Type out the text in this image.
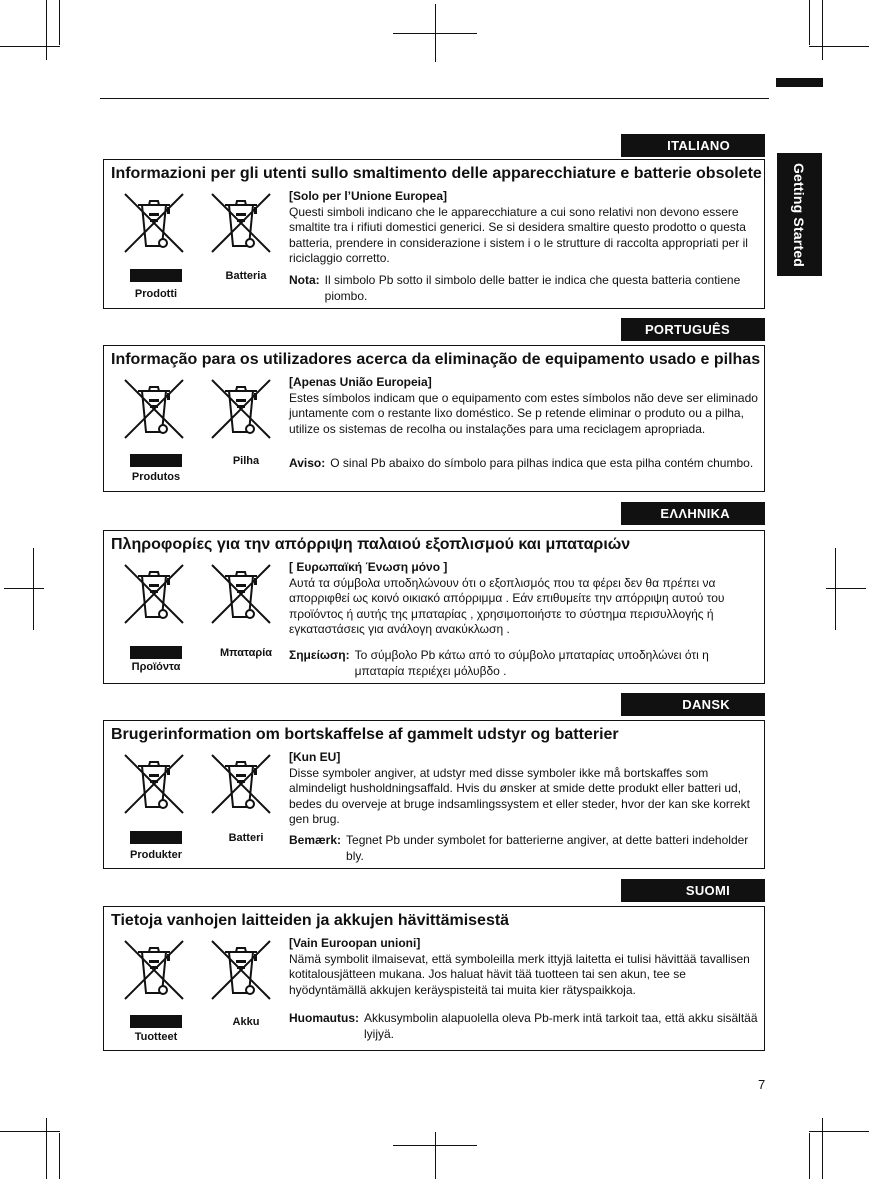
Getting Started
ITALIANO
Informazioni per gli utenti sullo smaltimento delle apparecchiature e batterie obsolete
Prodotti
Batteria
[Solo per l’Unione Europea]
Questi simboli indicano che le apparecchiature a cui sono relativi non devono essere smaltite tra i rifiuti domestici generici. Se si desidera smaltire questo prodotto o questa batteria, prendere in considerazione i sistem i o le strutture di raccolta appropriati per il riciclaggio corretto.
Nota: Il simbolo Pb sotto il simbolo delle batter ie indica che questa batteria contiene piombo.
PORTUGUÊS
Informação para os utilizadores acerca da eliminação de equipamento usado e pilhas
Produtos
Pilha
[Apenas União Europeia]
Estes símbolos indicam que o equipamento com estes símbolos não deve ser eliminado juntamente com o restante lixo doméstico. Se p retende eliminar o produto ou a pilha, utilize os sistemas de recolha ou instalações para uma reciclagem apropriada.
Aviso: O sinal Pb abaixo do símbolo para pilhas indica que esta pilha contém chumbo.
ΕΛΛΗΝΙΚΑ
Πληροφορίες για την απόρριψη παλαιού εξοπλισμού και μπαταριών
Προϊόντα
Μπαταρία
[ Ευρωπαϊκή Ένωση μόνο ]
Αυτά τα σύμβολα υποδηλώνουν ότι ο εξοπλισμός που τα φέρει δεν θα πρέπει να απορριφθεί ως κοινό οικιακό απόρριμμα . Εάν επιθυμείτε την απόρριψη αυτού του προϊόντος ή αυτής της μπαταρίας , χρησιμοποιήστε το σύστημα περισυλλογής ή εγκαταστάσεις για ανάλογη ανακύκλωση .
Σημείωση: Το σύμβολο Pb κάτω από το σύμβολο μπαταρίας υποδηλώνει ότι η μπαταρία περιέχει μόλυβδο .
DANSK
Brugerinformation om bortskaffelse af gammelt udstyr og batterier
Produkter
Batteri
[Kun EU]
Disse symboler angiver, at udstyr med disse symboler ikke må bortskaffes som almindeligt husholdningsaffald. Hvis du ønsker at smide dette produkt eller batteri ud, bedes du overveje at bruge indsamlingssystem et eller steder, hvor der kan ske korrekt gen brug.
Bemærk: Tegnet Pb under symbolet for batterierne angiver, at dette batteri indeholder bly.
SUOMI
Tietoja vanhojen laitteiden ja akkujen hävittämisestä
Tuotteet
Akku
[Vain Euroopan unioni]
Nämä symbolit ilmaisevat, että symboleilla merk ittyjä laitetta ei tulisi hävittää tavallisen kotitalousjätteen mukana. Jos haluat hävit tää tuotteen tai sen akun, tee se hyödyntämällä akkujen keräyspisteitä tai muita kier rätyspaikkoja.
Huomautus: Akkusymbolin alapuolella oleva Pb-merk intä tarkoit taa, että akku sisältää lyijyä.
7
